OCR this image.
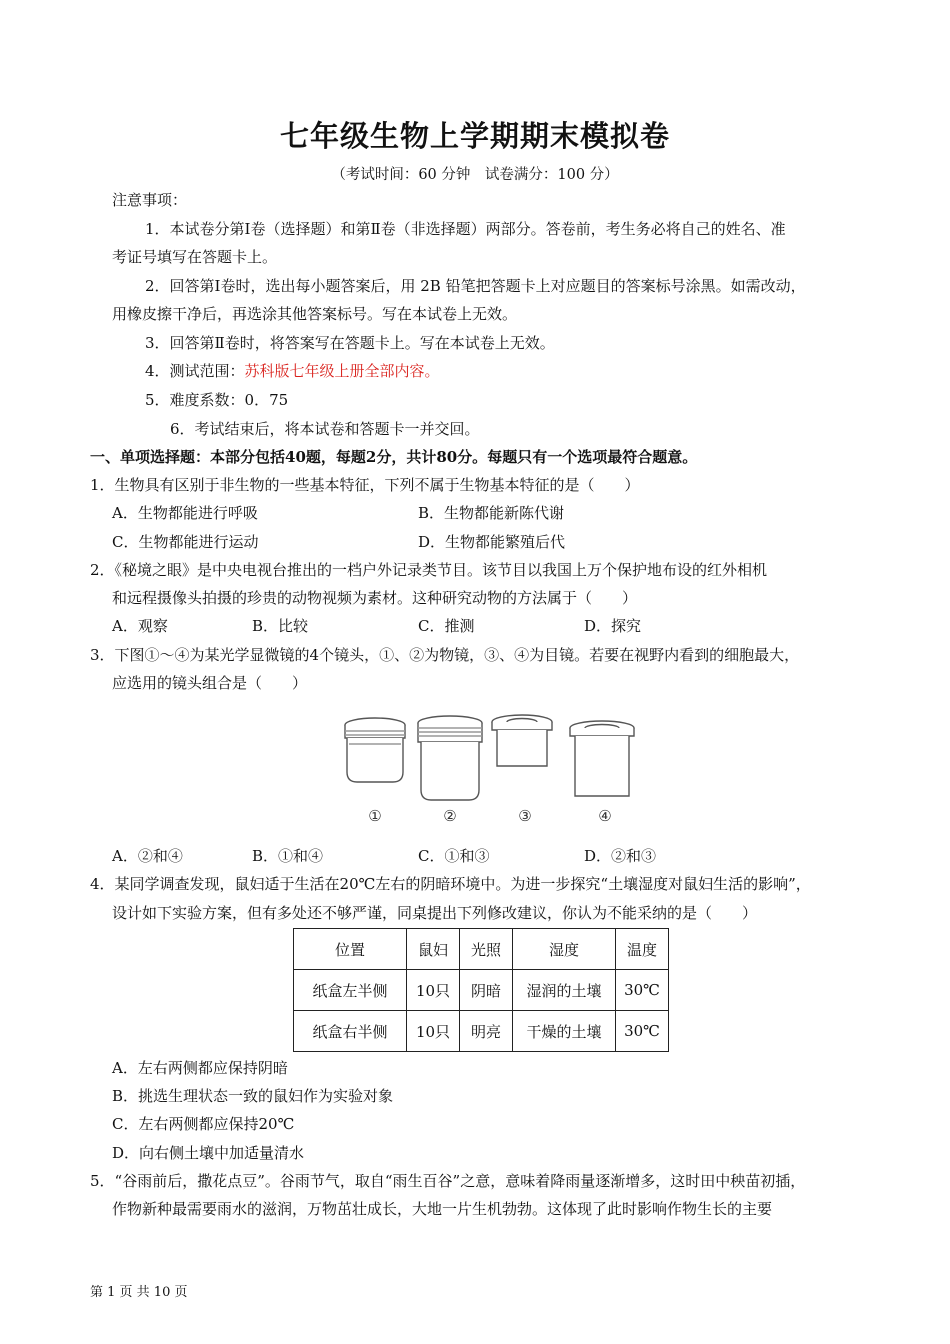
七年级生物上学期期末模拟卷
（考试时间：60 分钟　试卷满分：100 分）
注意事项：
1．本试卷分第Ⅰ卷（选择题）和第Ⅱ卷（非选择题）两部分。答卷前，考生务必将自己的姓名、准
考证号填写在答题卡上。
2．回答第Ⅰ卷时，选出每小题答案后，用 2B 铅笔把答题卡上对应题目的答案标号涂黑。如需改动，
用橡皮擦干净后，再选涂其他答案标号。写在本试卷上无效。
3．回答第Ⅱ卷时，将答案写在答题卡上。写在本试卷上无效。
4．测试范围：苏科版七年级上册全部内容。
5．难度系数：0．75
6．考试结束后，将本试卷和答题卡一并交回。
一、单项选择题：本部分包括40题，每题2分，共计80分。每题只有一个选项最符合题意。
1．生物具有区别于非生物的一些基本特征，下列不属于生物基本特征的是（　　）
A．生物都能进行呼吸	B．生物都能新陈代谢
C．生物都能进行运动	D．生物都能繁殖后代
2．《秘境之眼》是中央电视台推出的一档户外记录类节目。该节目以我国上万个保护地布设的红外相机
和远程摄像头拍摄的珍贵的动物视频为素材。这种研究动物的方法属于（　　）
A．观察	B．比较	C．推测	D．探究
3．下图①～④为某光学显微镜的4个镜头，①、②为物镜，③、④为目镜。若要在视野内看到的细胞最大，
应选用的镜头组合是（　　）
①	②	③	④
A．②和④	B．①和④	C．①和③	D．②和③
4．某同学调查发现，鼠妇适于生活在20℃左右的阴暗环境中。为进一步探究“土壤湿度对鼠妇生活的影响”，
设计如下实验方案，但有多处还不够严谨，同桌提出下列修改建议，你认为不能采纳的是（　　）
位置	鼠妇	光照	湿度	温度
纸盒左半侧	10只	阴暗	湿润的土壤	30℃
纸盒右半侧	10只	明亮	干燥的土壤	30℃
A．左右两侧都应保持阴暗
B．挑选生理状态一致的鼠妇作为实验对象
C．左右两侧都应保持20℃
D．向右侧土壤中加适量清水
5．“谷雨前后，撒花点豆”。谷雨节气，取自“雨生百谷”之意，意味着降雨量逐渐增多，这时田中秧苗初插，
作物新种最需要雨水的滋润，万物茁壮成长，大地一片生机勃勃。这体现了此时影响作物生长的主要
第 1 页 共 10 页
